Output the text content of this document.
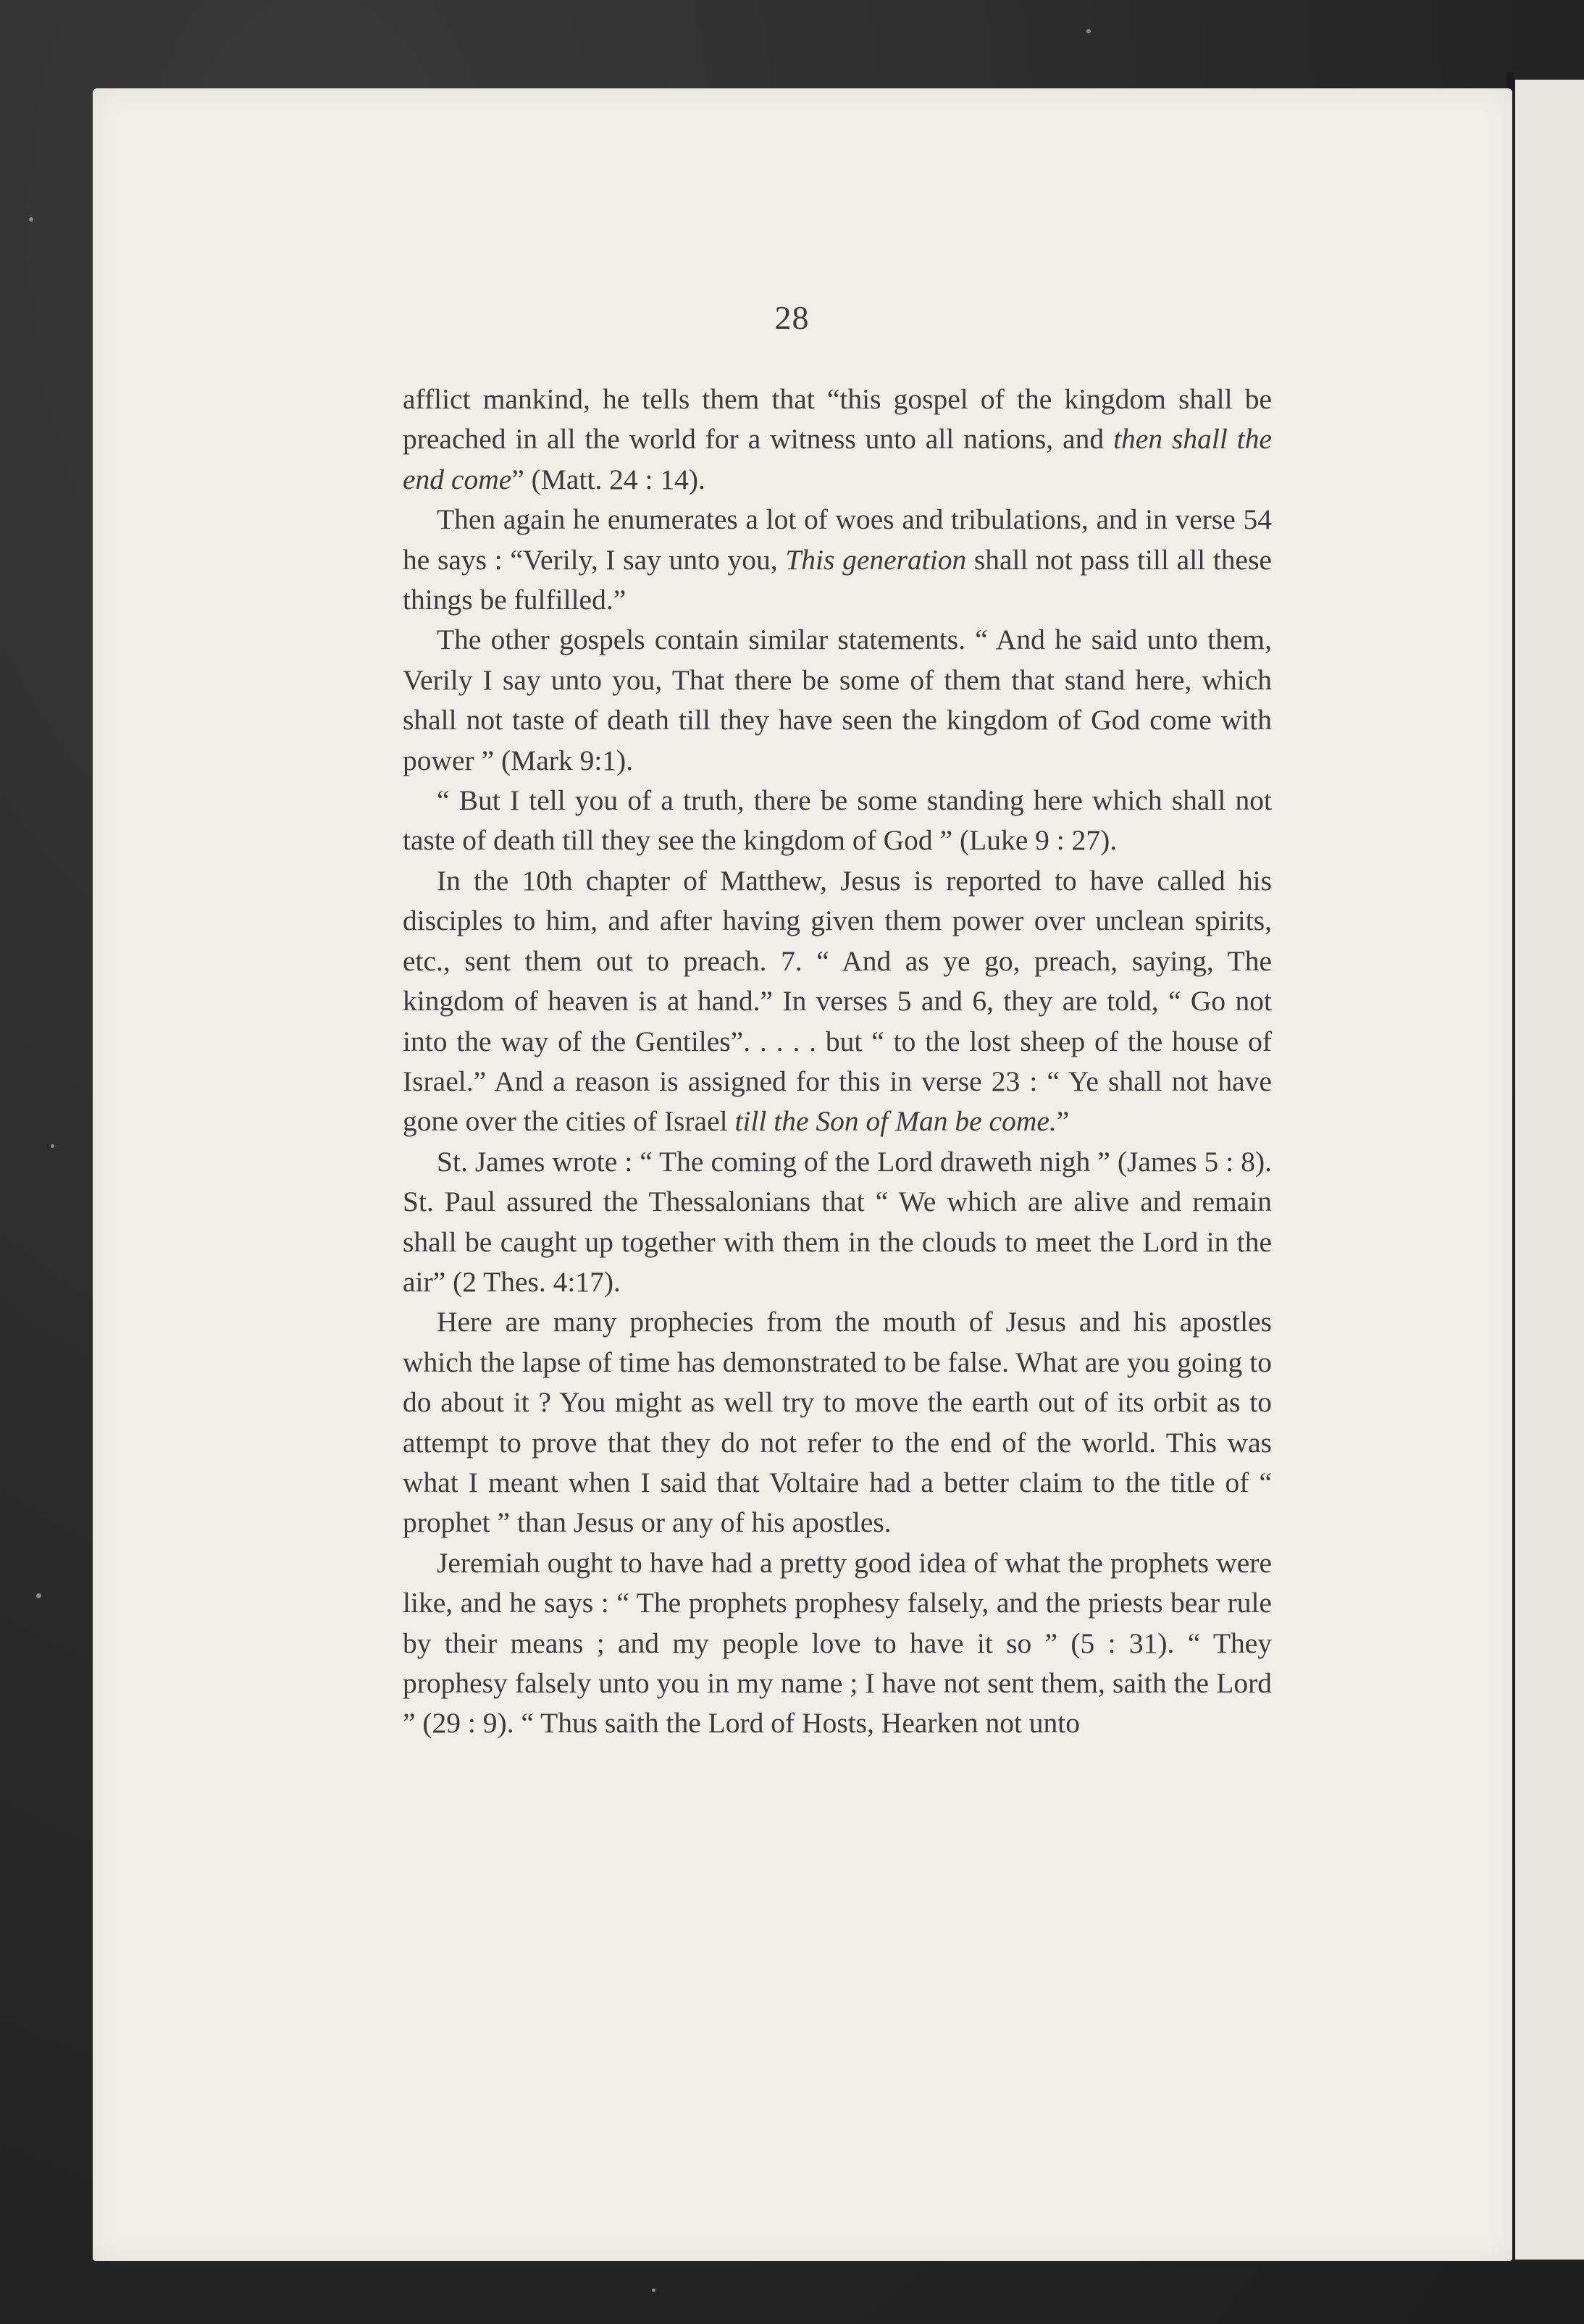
28

afflict mankind, he tells them that “this gospel of the kingdom shall be preached in all the world for a witness unto all nations, and then shall the end come” (Matt. 24 : 14).

Then again he enumerates a lot of woes and tribulations, and in verse 54 he says : “Verily, I say unto you, This generation shall not pass till all these things be fulfilled.”

The other gospels contain similar statements. “ And he said unto them, Verily I say unto you, That there be some of them that stand here, which shall not taste of death till they have seen the kingdom of God come with power ” (Mark 9:1).

“ But I tell you of a truth, there be some standing here which shall not taste of death till they see the kingdom of God ” (Luke 9 : 27).

In the 10th chapter of Matthew, Jesus is reported to have called his disciples to him, and after having given them power over unclean spirits, etc., sent them out to preach. 7. “ And as ye go, preach, saying, The kingdom of heaven is at hand.” In verses 5 and 6, they are told, “ Go not into the way of the Gentiles”. . . . . but “ to the lost sheep of the house of Israel.” And a reason is assigned for this in verse 23 : “ Ye shall not have gone over the cities of Israel till the Son of Man be come.”

St. James wrote : “ The coming of the Lord draweth nigh ” (James 5 : 8). St. Paul assured the Thessalonians that “ We which are alive and remain shall be caught up together with them in the clouds to meet the Lord in the air” (2 Thes. 4:17).

Here are many prophecies from the mouth of Jesus and his apostles which the lapse of time has demonstrated to be false. What are you going to do about it ? You might as well try to move the earth out of its orbit as to attempt to prove that they do not refer to the end of the world. This was what I meant when I said that Voltaire had a better claim to the title of “ prophet ” than Jesus or any of his apostles.

Jeremiah ought to have had a pretty good idea of what the prophets were like, and he says : “ The prophets prophesy falsely, and the priests bear rule by their means ; and my people love to have it so ” (5 : 31). “ They prophesy falsely unto you in my name ; I have not sent them, saith the Lord ” (29 : 9). “ Thus saith the Lord of Hosts, Hearken not unto
